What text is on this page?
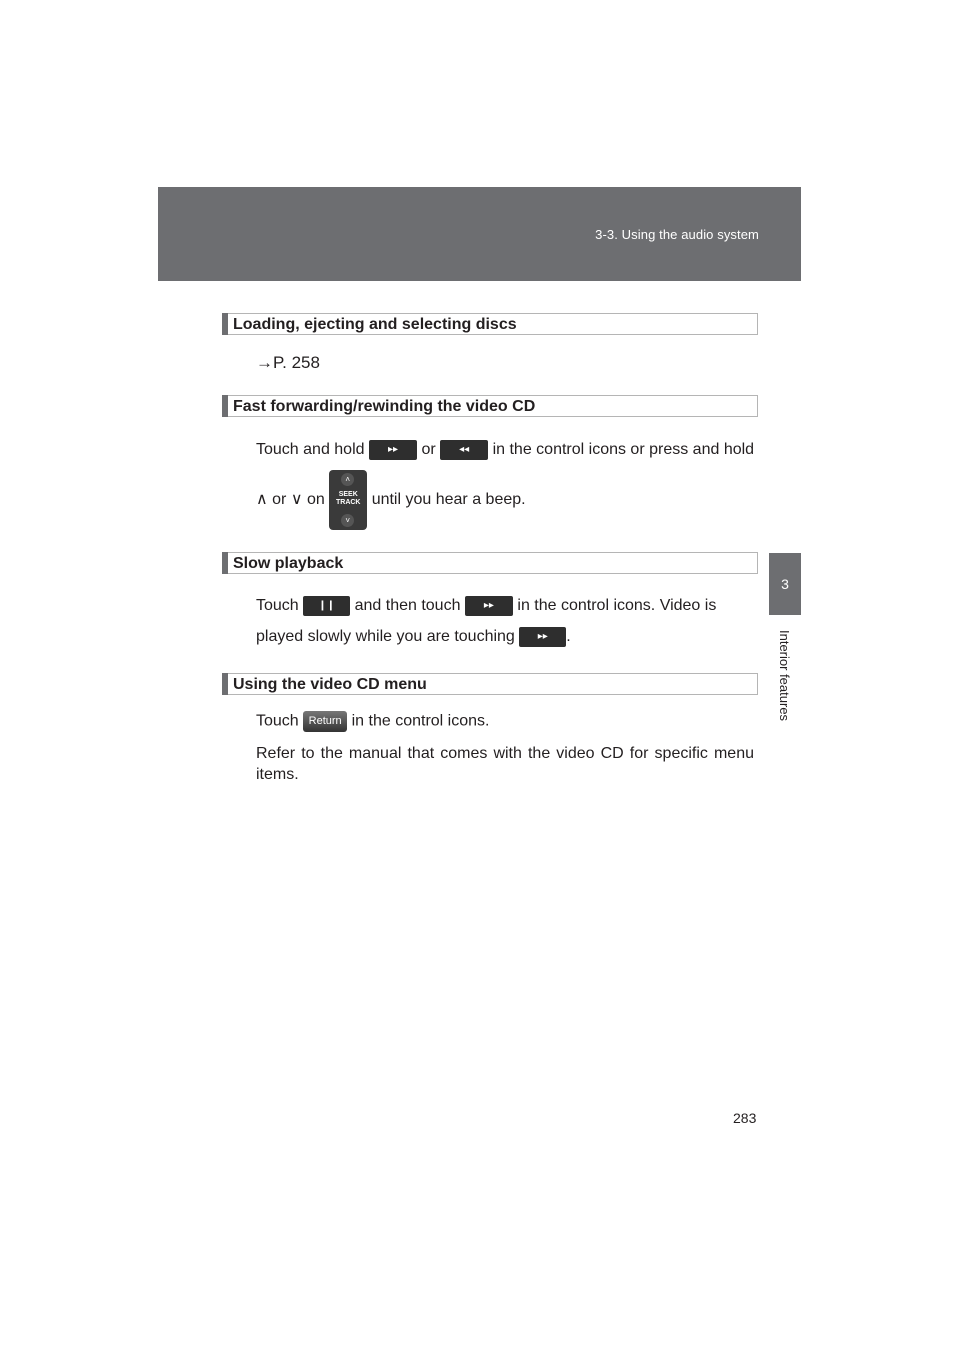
3-3. Using the audio system
3
Interior features
Loading, ejecting and selecting discs
→P. 258
Fast forwarding/rewinding the video CD
Touch and hold ▸▸ or ◂◂ in the control icons or press and hold
∧ or ∨ on
˄
SEEK TRACK
˅
until you hear a beep.
Slow playback
Touch ❙❙ and then touch ▸▸ in the control icons. Video is
played slowly while you are touching ▸▸ .
Using the video CD menu
Touch Return in the control icons.
Refer to the manual that comes with the video CD for specific menu items.
283
